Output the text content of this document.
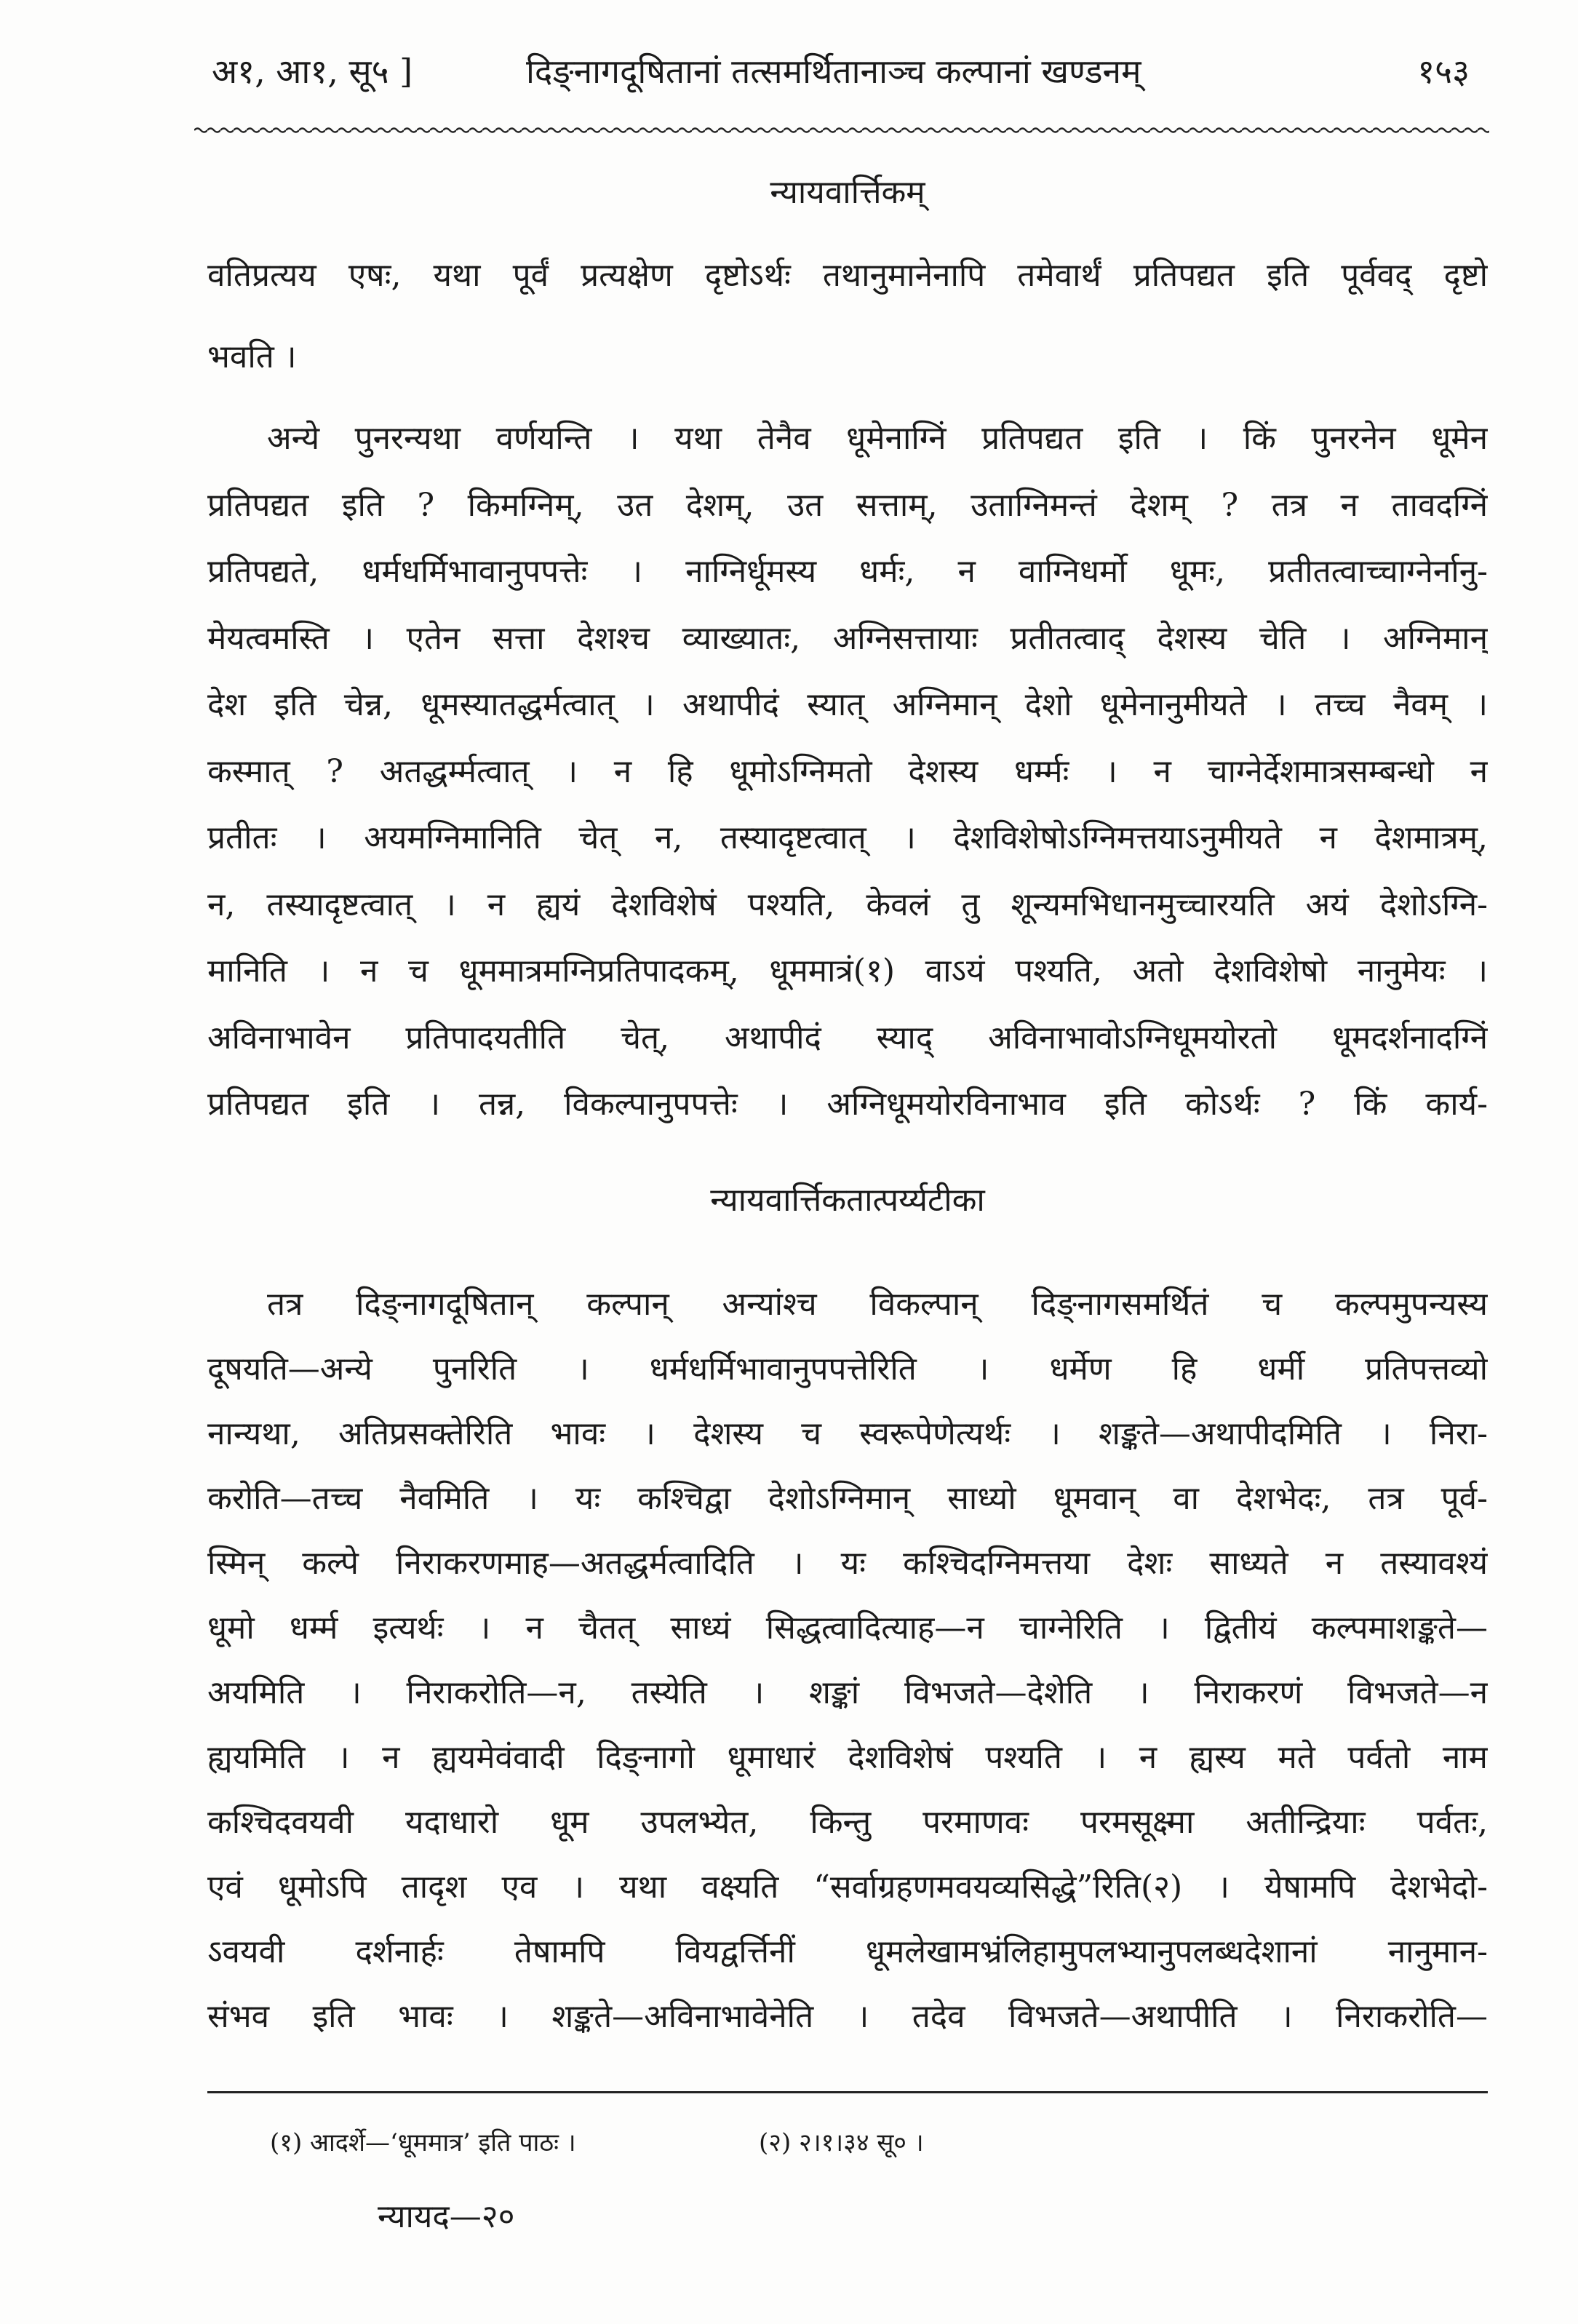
अ१, आ१, सू५ ]	दिङ्नागदूषितानां तत्समर्थितानाञ्च कल्पानां खण्डनम्	१५३
न्यायवार्त्तिकम्
वतिप्रत्यय एषः, यथा पूर्वं प्रत्यक्षेण दृष्टोऽर्थः तथानुमानेनापि तमेवार्थं प्रतिपद्यत इति पूर्ववद् दृष्टो
भवति ।
अन्ये पुनरन्यथा वर्णयन्ति । यथा तेनैव धूमेनाग्निं प्रतिपद्यत इति । किं पुनरनेन धूमेन
प्रतिपद्यत इति ? किमग्निम्, उत देशम्, उत सत्ताम्, उताग्निमन्तं देशम् ? तत्र न तावदग्निं
प्रतिपद्यते, धर्मधर्मिभावानुपपत्तेः । नाग्निर्धूमस्य धर्मः, न वाग्निधर्मो धूमः, प्रतीतत्वाच्चाग्नेर्नानु-
मेयत्वमस्ति । एतेन सत्ता देशश्च व्याख्यातः, अग्निसत्तायाः प्रतीतत्वाद् देशस्य चेति । अग्निमान्
देश इति चेन्न, धूमस्यातद्धर्मत्वात् । अथापीदं स्यात् अग्निमान् देशो धूमेनानुमीयते । तच्च नैवम् ।
कस्मात् ? अतद्धर्म्मत्वात् । न हि धूमोऽग्निमतो देशस्य धर्म्मः । न चाग्नेर्देशमात्रसम्बन्धो न
प्रतीतः । अयमग्निमानिति चेत् न, तस्यादृष्टत्वात् । देशविशेषोऽग्निमत्तयाऽनुमीयते न देशमात्रम्,
न, तस्यादृष्टत्वात् । न ह्ययं देशविशेषं पश्यति, केवलं तु शून्यमभिधानमुच्चारयति अयं देशोऽग्नि-
मानिति । न च धूममात्रमग्निप्रतिपादकम्, धूममात्रं(१) वाऽयं पश्यति, अतो देशविशेषो नानुमेयः ।
अविनाभावेन प्रतिपादयतीति चेत्, अथापीदं स्याद् अविनाभावोऽग्निधूमयोरतो धूमदर्शनादग्निं
प्रतिपद्यत इति । तन्न, विकल्पानुपपत्तेः । अग्निधूमयोरविनाभाव इति कोऽर्थः ? किं कार्य-
न्यायवार्त्तिकतात्पर्य्यटीका
तत्र दिङ्नागदूषितान् कल्पान् अन्यांश्च विकल्पान् दिङ्नागसमर्थितं च कल्पमुपन्यस्य
दूषयति—अन्ये पुनरिति । धर्मधर्मिभावानुपपत्तेरिति । धर्मेण हि धर्मी प्रतिपत्तव्यो
नान्यथा, अतिप्रसक्तेरिति भावः । देशस्य च स्वरूपेणेत्यर्थः । शङ्कते—अथापीदमिति । निरा-
करोति—तच्च नैवमिति । यः कश्चिद्वा देशोऽग्निमान् साध्यो धूमवान् वा देशभेदः, तत्र पूर्व-
स्मिन् कल्पे निराकरणमाह—अतद्धर्मत्वादिति । यः कश्चिदग्निमत्तया देशः साध्यते न तस्यावश्यं
धूमो धर्म्म इत्यर्थः । न चैतत् साध्यं सिद्धत्वादित्याह—न चाग्नेरिति । द्वितीयं कल्पमाशङ्कते—
अयमिति । निराकरोति—न, तस्येति । शङ्कां विभजते—देशेति । निराकरणं विभजते—न
ह्ययमिति । न ह्ययमेवंवादी दिङ्नागो धूमाधारं देशविशेषं पश्यति । न ह्यस्य मते पर्वतो नाम
कश्चिदवयवी यदाधारो धूम उपलभ्येत, किन्तु परमाणवः परमसूक्ष्मा अतीन्द्रियाः पर्वतः,
एवं धूमोऽपि तादृश एव । यथा वक्ष्यति “सर्वाग्रहणमवयव्यसिद्धे”रिति(२) । येषामपि देशभेदो-
ऽवयवी दर्शनार्हः तेषामपि वियद्वर्त्तिनीं धूमलेखामभ्रंलिहामुपलभ्यानुपलब्धदेशानां नानुमान-
संभव इति भावः । शङ्कते—अविनाभावेनेति । तदेव विभजते—अथापीति । निराकरोति—
(१) आदर्शे—‘धूममात्र’ इति पाठः ।	(२) २।१।३४ सू० ।
न्यायद—२०
